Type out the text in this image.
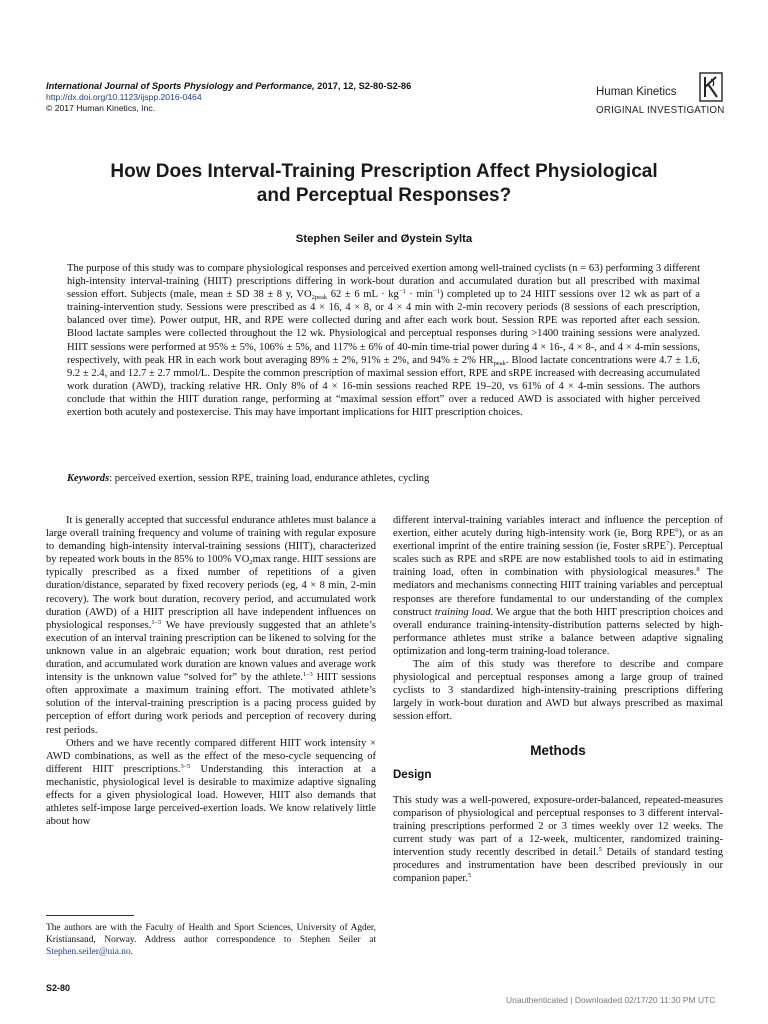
International Journal of Sports Physiology and Performance, 2017, 12, S2-80-S2-86
http://dx.doi.org/10.1123/ijspp.2016-0464
© 2017 Human Kinetics, Inc.
Human Kinetics
ORIGINAL INVESTIGATION
How Does Interval-Training Prescription Affect Physiological
and Perceptual Responses?
Stephen Seiler and Øystein Sylta

The purpose of this study was to compare physiological responses and perceived exertion among well-trained cyclists (n = 63) performing 3 different high-intensity interval-training (HIIT) prescriptions differing in work-bout duration and accumulated duration but all prescribed with maximal session effort. Subjects (male, mean ± SD 38 ± 8 y, $VO_{2peak}$ 62 ± 6 mL · $kg^{-1} \cdot \min^{-1}$) completed up to 24 HIIT sessions over 12 wk as part of a training-intervention study. Sessions were prescribed as 4 × 16, 4 × 8, or 4 × 4 min with 2-min recovery periods (8 sessions of each prescription, balanced over time). Power output, HR, and RPE were collected during and after each work bout. Session RPE was reported after each session. Blood lactate samples were collected throughout the 12 wk. Physiological and perceptual responses during >1400 training sessions were analyzed. HIIT sessions were performed at 95% ± 5%, 106% ± 5%, and 117% ± 6% of 40-min time-trial power during 4 × 16-, 4 × 8-, and 4 × 4-min sessions, respectively, with peak HR in each work bout averaging 89% ± 2%, 91% ± 2%, and 94% ± 2% $HR_{peak}$. Blood lactate concentrations were 4.7 ± 1.6, 9.2 ± 2.4, and 12.7 ± 2.7 mmol/L. Despite the common prescription of maximal session effort, RPE and sRPE increased with decreasing accumulated work duration (AWD), tracking relative HR. Only 8% of 4 × 16-min sessions reached RPE 19–20, vs 61% of 4 × 4-min sessions. The authors conclude that within the HIIT duration range, performing at “maximal session effort” over a reduced AWD is associated with higher perceived exertion both acutely and postexercise. This may have important implications for HIIT prescription choices.

Keywords: perceived exertion, session RPE, training load, endurance athletes, cycling

It is generally accepted that successful endurance athletes must balance a large overall training frequency and volume of training with regular exposure to demanding high-intensity interval-training sessions (HIIT), characterized by repeated work bouts in the 85% to 100% $VO_2\max$ range. HIIT sessions are typically prescribed as a fixed number of repetitions of a given duration/distance, separated by fixed recovery periods (eg, 4 × 8 min, 2-min recovery). The work bout duration, recovery period, and accumulated work duration (AWD) of a HIIT prescription all have independent influences on physiological responses.$^{1-3}$ We have previously suggested that an athlete’s execution of an interval training prescription can be likened to solving for the unknown value in an algebraic equation; work bout duration, rest period duration, and accumulated work duration are known values and average work intensity is the unknown value “solved for” by the athlete.$^{1-3}$ HIIT sessions often approximate a maximum training effort. The motivated athlete’s solution of the interval-training prescription is a pacing process guided by perception of effort during work periods and perception of recovery during rest periods.

Others and we have recently compared different HIIT work intensity × AWD combinations, as well as the effect of the meso-cycle sequencing of different HIIT prescriptions.$^{3-5}$ Understanding this interaction at a mechanistic, physiological level is desirable to maximize adaptive signaling effects for a given physiological load. However, HIIT also demands that athletes self-impose large perceived-exertion loads. We know relatively little about how

different interval-training variables interact and influence the perception of exertion, either acutely during high-intensity work (ie, Borg RPE$^6$), or as an exertional imprint of the entire training session (ie, Foster sRPE$^7$). Perceptual scales such as RPE and sRPE are now established tools to aid in estimating training load, often in combination with physiological measures.$^8$ The mediators and mechanisms connecting HIIT training variables and perceptual responses are therefore fundamental to our understanding of the complex construct training load. We argue that the both HIIT prescription choices and overall endurance training-intensity-distribution patterns selected by high-performance athletes must strike a balance between adaptive signaling optimization and long-term training-load tolerance.

The aim of this study was therefore to describe and compare physiological and perceptual responses among a large group of trained cyclists to 3 standardized high-intensity-training prescriptions differing largely in work-bout duration and AWD but always prescribed as maximal session effort.

Methods
Design

This study was a well-powered, exposure-order-balanced, repeated-measures comparison of physiological and perceptual responses to 3 different interval-training prescriptions performed 2 or 3 times weekly over 12 weeks. The current study was part of a 12-week, multicenter, randomized training-intervention study recently described in detail.$^5$ Details of standard testing procedures and instrumentation have been described previously in our companion paper.$^5$

The authors are with the Faculty of Health and Sport Sciences, University of Agder, Kristiansand, Norway. Address author correspondence to Stephen Seiler at Stephen.seiler@uia.no.

S2-80
Unauthenticated | Downloaded 02/17/20 11:30 PM UTC
